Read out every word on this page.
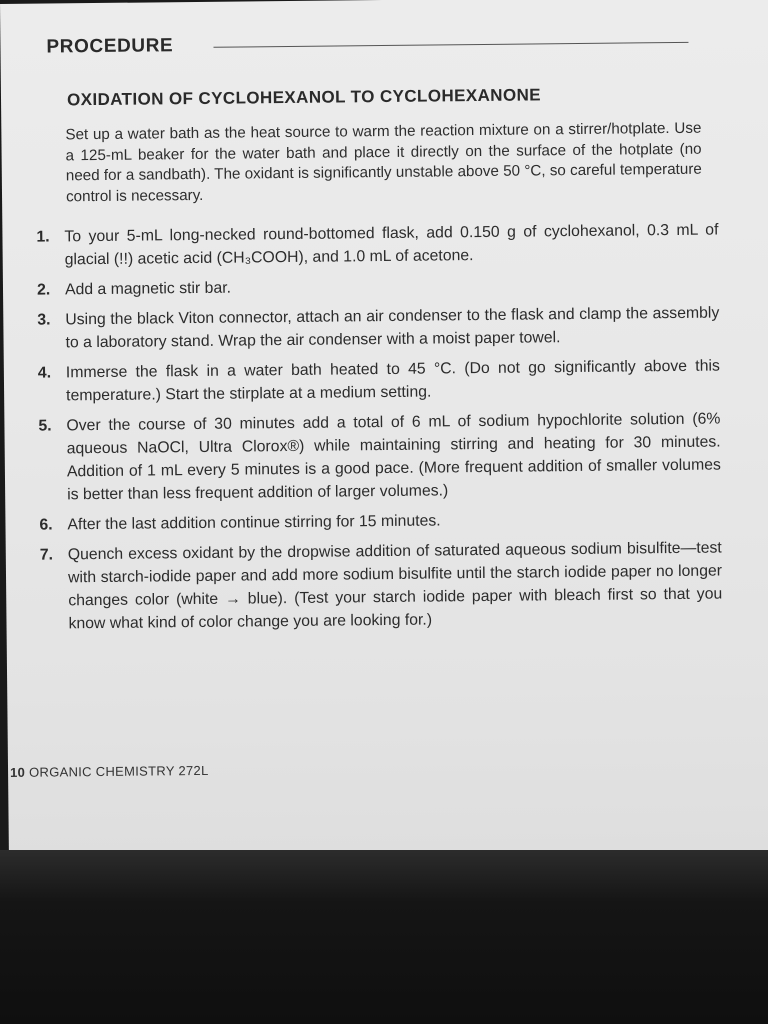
PROCEDURE
OXIDATION OF CYCLOHEXANOL TO CYCLOHEXANONE
Set up a water bath as the heat source to warm the reaction mixture on a stirrer/hotplate. Use a 125-mL beaker for the water bath and place it directly on the surface of the hotplate (no need for a sandbath). The oxidant is significantly unstable above 50 °C, so careful temperature control is necessary.
1. To your 5-mL long-necked round-bottomed flask, add 0.150 g of cyclohexanol, 0.3 mL of glacial (!!) acetic acid (CH₃COOH), and 1.0 mL of acetone.
2. Add a magnetic stir bar.
3. Using the black Viton connector, attach an air condenser to the flask and clamp the assembly to a laboratory stand. Wrap the air condenser with a moist paper towel.
4. Immerse the flask in a water bath heated to 45 °C. (Do not go significantly above this temperature.) Start the stirplate at a medium setting.
5. Over the course of 30 minutes add a total of 6 mL of sodium hypochlorite solution (6% aqueous NaOCl, Ultra Clorox®) while maintaining stirring and heating for 30 minutes. Addition of 1 mL every 5 minutes is a good pace. (More frequent addition of smaller volumes is better than less frequent addition of larger volumes.)
6. After the last addition continue stirring for 15 minutes.
7. Quench excess oxidant by the dropwise addition of saturated aqueous sodium bisulfite—test with starch-iodide paper and add more sodium bisulfite until the starch iodide paper no longer changes color (white → blue). (Test your starch iodide paper with bleach first so that you know what kind of color change you are looking for.)
10 ORGANIC CHEMISTRY 272L
